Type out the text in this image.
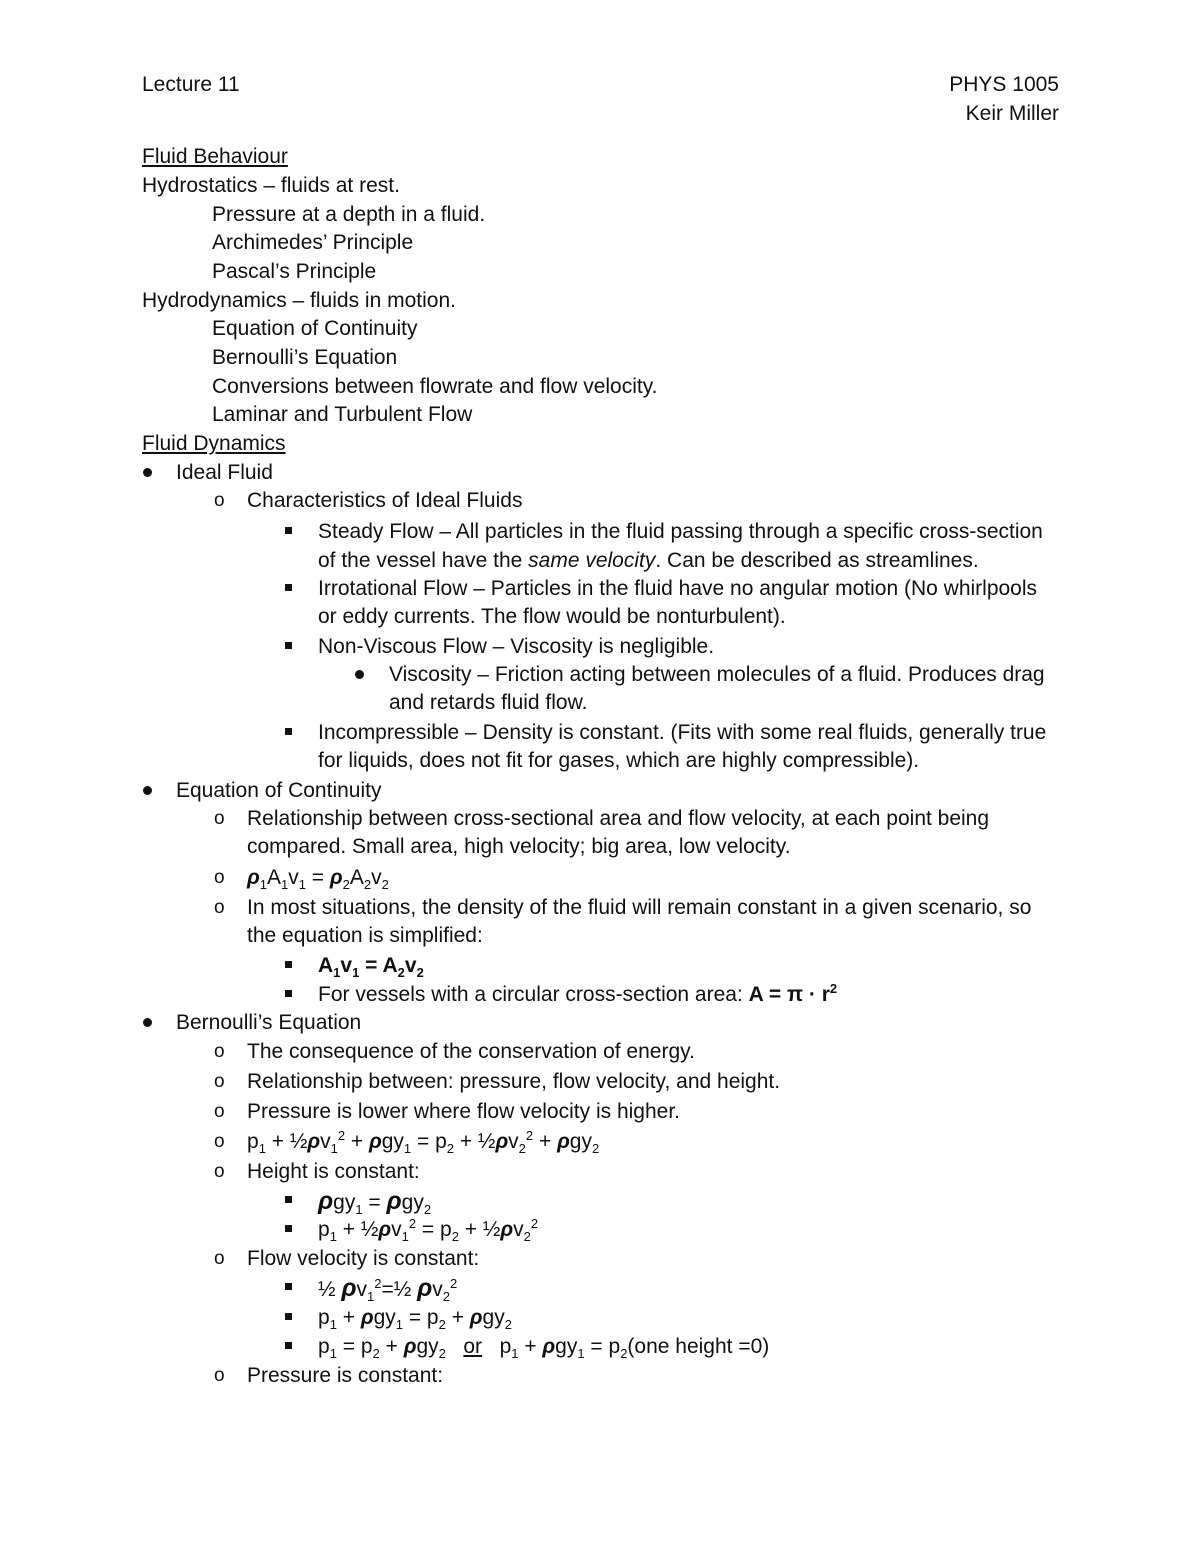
Lecture 11	PHYS 1005
Keir Miller
Fluid Behaviour
Hydrostatics – fluids at rest.
Pressure at a depth in a fluid.
Archimedes’ Principle
Pascal’s Principle
Hydrodynamics – fluids in motion.
Equation of Continuity
Bernoulli’s Equation
Conversions between flowrate and flow velocity.
Laminar and Turbulent Flow
Fluid Dynamics
Ideal Fluid
o Characteristics of Ideal Fluids
Steady Flow – All particles in the fluid passing through a specific cross-section
of the vessel have the same velocity. Can be described as streamlines.
Irrotational Flow – Particles in the fluid have no angular motion (No whirlpools or eddy currents. The flow would be nonturbulent).
Non-Viscous Flow – Viscosity is negligible.
Viscosity – Friction acting between molecules of a fluid. Produces drag and retards fluid flow.
Incompressible – Density is constant. (Fits with some real fluids, generally true for liquids, does not fit for gases, which are highly compressible).
Equation of Continuity
o Relationship between cross-sectional area and flow velocity, at each point being compared. Small area, high velocity; big area, low velocity.
o $\rho_1A_1v_1 = \rho_2A_2v_2$
o In most situations, the density of the fluid will remain constant in a given scenario, so the equation is simplified:
$A_1v_1 = A_2v_2$
For vessels with a circular cross-section area: $A = \pi \cdot r^2$
Bernoulli’s Equation
o The consequence of the conservation of energy.
o Relationship between: pressure, flow velocity, and height.
o Pressure is lower where flow velocity is higher.
o $p_1$ + $\frac{1}{2}\rho v_1^2 + \rho gy_1 = p_2$ + $\frac{1}{2}\rho v_2^2 + \rho gy_2$
o Height is constant:
ρgy$_1$ = ρgy$_2$
$p_1$ + $\frac{1}{2}\rho v_1^2 = p_2$ + $\frac{1}{2}\rho v_2^2$
o Flow velocity is constant:
½ $\rho v_1^2=\frac{1}{2}$ $\rho v_2^2$
$p_1 + \rho gy_1 = p_2 + \rho gy_2$
$p_1 = p_2 + \rho gy_2$ or   $p_1 + \rho gy_1 = p_2(one$ height =0)
o Pressure is constant:
